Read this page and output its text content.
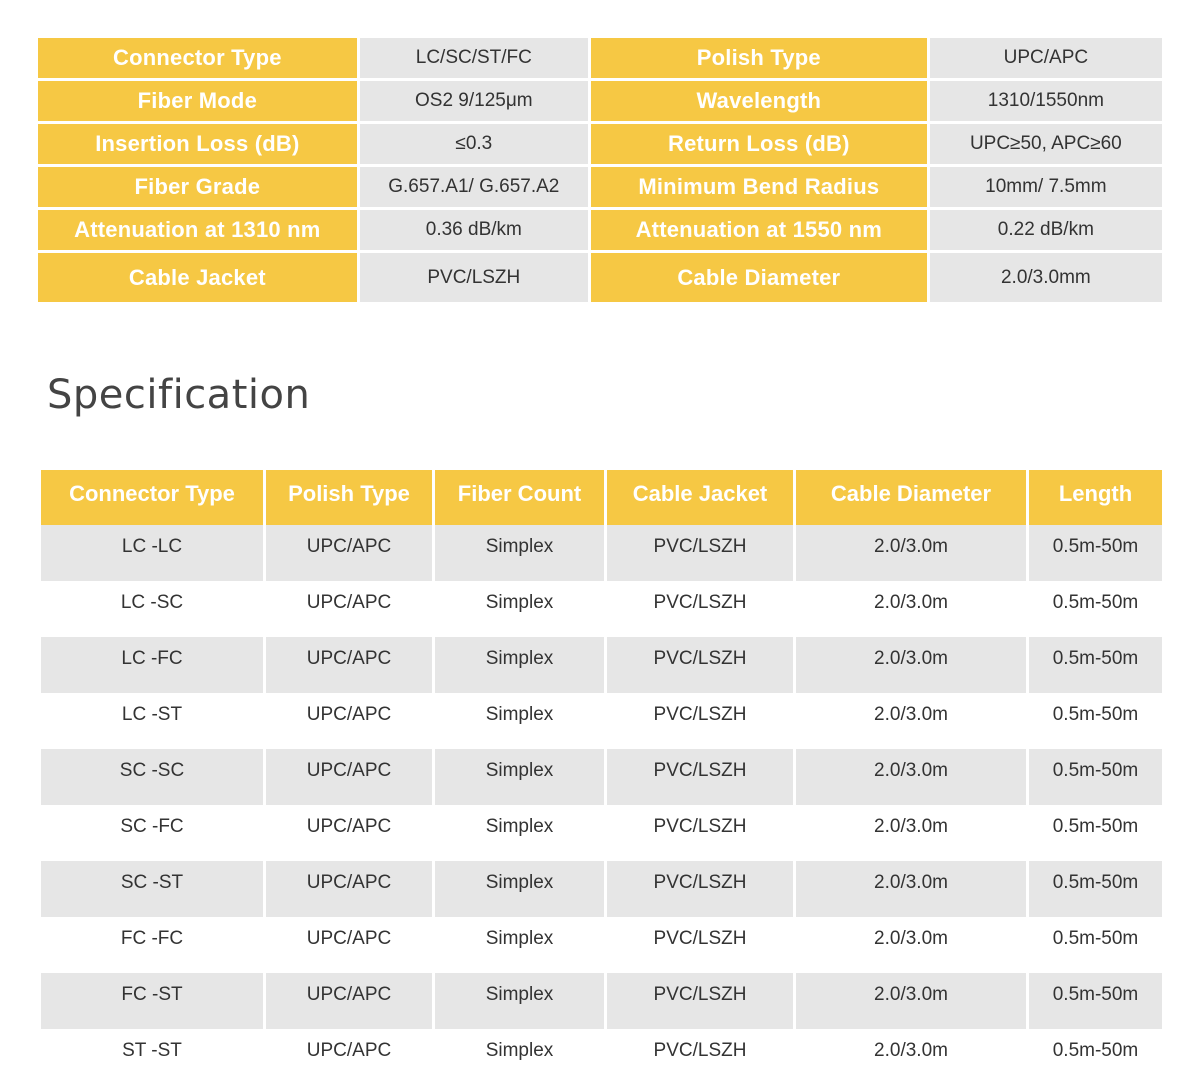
Connector Type	LC/SC/ST/FC	Polish Type	UPC/APC
Fiber Mode	OS2 9/125μm	Wavelength	1310/1550nm
Insertion Loss (dB)	≤0.3	Return Loss (dB)	UPC≥50, APC≥60
Fiber Grade	G.657.A1/ G.657.A2	Minimum Bend Radius	10mm/ 7.5mm
Attenuation at 1310 nm	0.36 dB/km	Attenuation at 1550 nm	0.22 dB/km
Cable Jacket	PVC/LSZH	Cable Diameter	2.0/3.0mm
Specification
Connector Type	Polish Type	Fiber Count	Cable Jacket	Cable Diameter	Length
LC -LC	UPC/APC	Simplex	PVC/LSZH	2.0/3.0m	0.5m-50m
LC -SC	UPC/APC	Simplex	PVC/LSZH	2.0/3.0m	0.5m-50m
LC -FC	UPC/APC	Simplex	PVC/LSZH	2.0/3.0m	0.5m-50m
LC -ST	UPC/APC	Simplex	PVC/LSZH	2.0/3.0m	0.5m-50m
SC -SC	UPC/APC	Simplex	PVC/LSZH	2.0/3.0m	0.5m-50m
SC -FC	UPC/APC	Simplex	PVC/LSZH	2.0/3.0m	0.5m-50m
SC -ST	UPC/APC	Simplex	PVC/LSZH	2.0/3.0m	0.5m-50m
FC -FC	UPC/APC	Simplex	PVC/LSZH	2.0/3.0m	0.5m-50m
FC -ST	UPC/APC	Simplex	PVC/LSZH	2.0/3.0m	0.5m-50m
ST -ST	UPC/APC	Simplex	PVC/LSZH	2.0/3.0m	0.5m-50m
